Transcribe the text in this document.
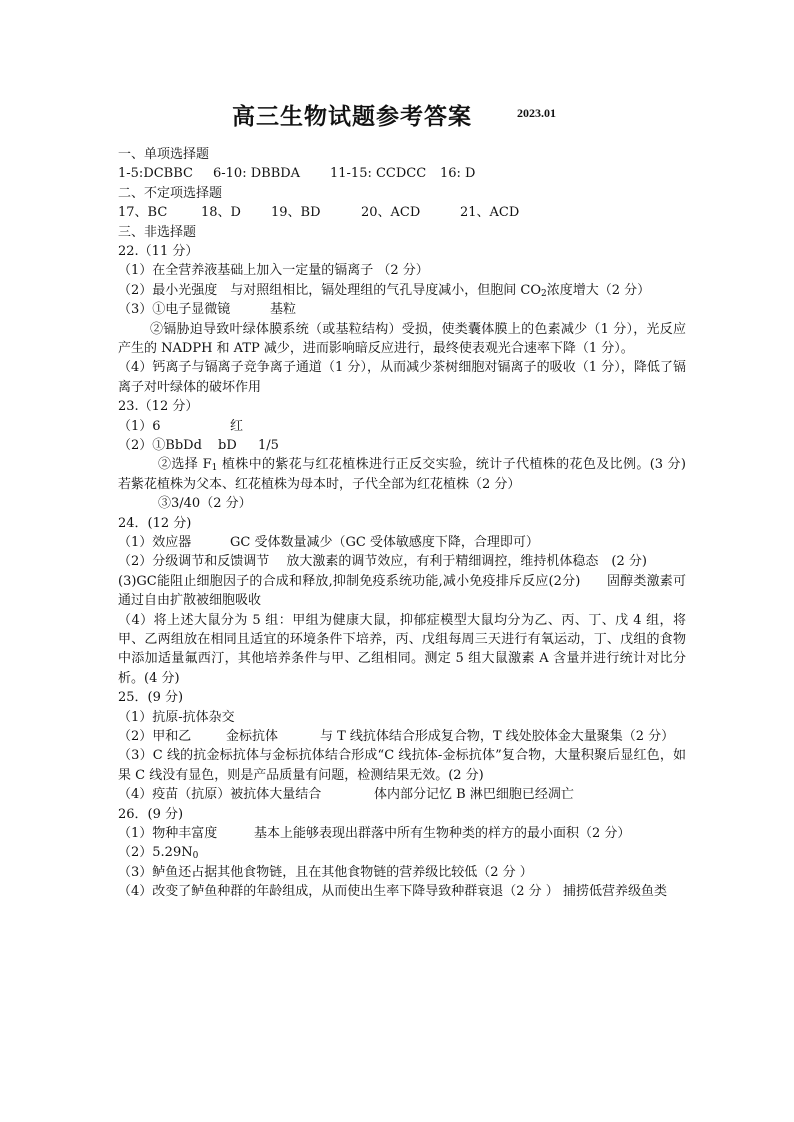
高三生物试题参考答案	2023.01
一、单项选择题
1-5:DCBBC 6-10: DBBDA 11-15: CCDCC 16: D
二、不定项选择题
17、BC	18、D 19、BD	20、ACD	21、ACD
三、非选择题
22.（11 分）
（1）在全营养液基础上加入一定量的镉离子 （2 分）
（2）最小光强度　与对照组相比，镉处理组的气孔导度减小，但胞间 $CO_2$浓度增大（2 分）
（3）①电子显微镜	基粒
②镉胁迫导致叶绿体膜系统（或基粒结构）受损，使类囊体膜上的色素减少（1 分），光反应产生的 NADPH 和 ATP 减少，进而影响暗反应进行，最终使表观光合速率下降（1 分）。
（4）钙离子与镉离子竞争离子通道（1 分），从而减少茶树细胞对镉离子的吸收（1 分），降低了镉离子对叶绿体的破坏作用
23.（12 分）
（1）6	红
（2）①BbDd bD 1/5
②选择 $F_1$ 植株中的紫花与红花植株进行正反交实验，统计子代植株的花色及比例。(3 分)　 若紫花植株为父本、红花植株为母本时，子代全部为红花植株（2 分）
③3/40（2 分）
24．(12 分)
（1）效应器	GC 受体数量减少（GC 受体敏感度下降，合理即可）
（2）分级调节和反馈调节　 放大激素的调节效应，有利于精细调控，维持机体稳态　(2 分)
(3)GC能阻止细胞因子的合成和释放,抑制免疫系统功能,减小免疫排斥反应(2分)　　固醇类激素可通过自由扩散被细胞吸收
（4）将上述大鼠分为 5 组：甲组为健康大鼠，抑郁症模型大鼠均分为乙、丙、丁、戊 4 组，将甲、乙两组放在相同且适宜的环境条件下培养，丙、戊组每周三天进行有氧运动，丁、戊组的食物中添加适量氟西汀，其他培养条件与甲、乙组相同。测定 5 组大鼠激素 A 含量并进行统计对比分析。(4 分)
25．(9 分)
（1）抗原-抗体杂交
（2）甲和乙	金标抗体	与 T 线抗体结合形成复合物，T 线处胶体金大量聚集（2 分）
（3）C 线的抗金标抗体与金标抗体结合形成“C 线抗体-金标抗体”复合物，大量积聚后显红色，如果 C 线没有显色，则是产品质量有问题，检测结果无效。(2 分)
（4）疫苗（抗原）被抗体大量结合	体内部分记忆 B 淋巴细胞已经凋亡
26．(9 分)
（1）物种丰富度	基本上能够表现出群落中所有生物种类的样方的最小面积（2 分）
$(2)5.29N_0$
（3）鲈鱼还占据其他食物链，且在其他食物链的营养级比较低（2 分 ）
（4）改变了鲈鱼种群的年龄组成，从而使出生率下降导致种群衰退（2 分 ） 捕捞低营养级鱼类
